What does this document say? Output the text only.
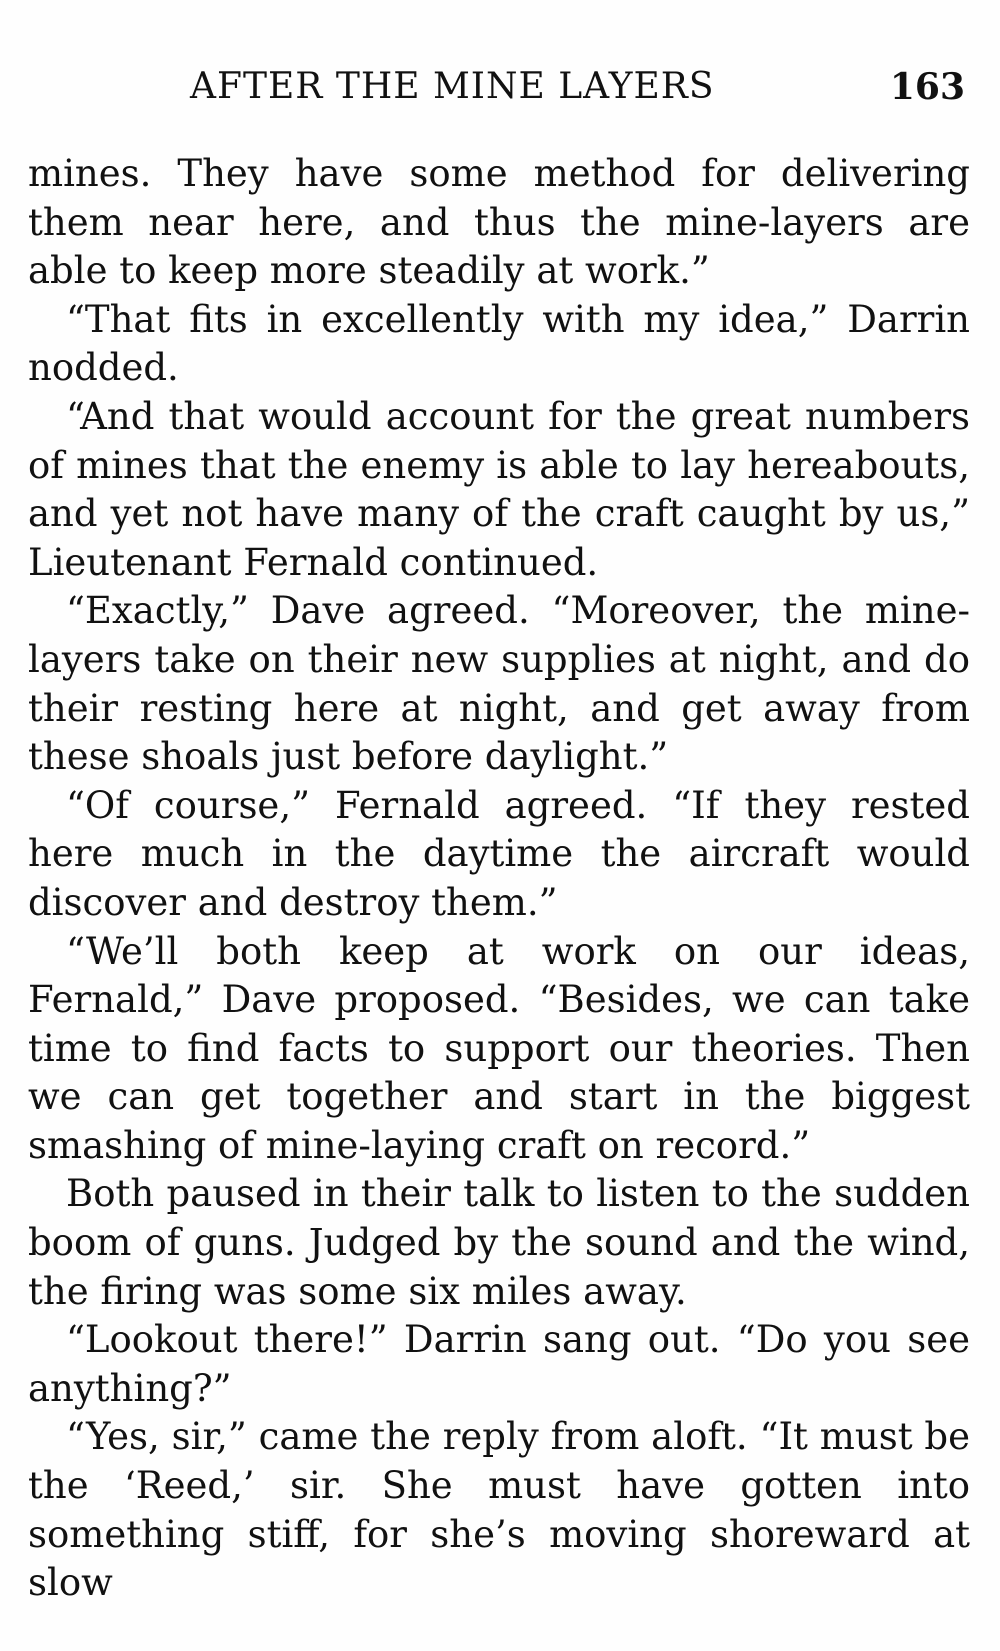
AFTER THE MINE LAYERS	163

mines. They have some method for delivering them near here, and thus the mine-layers are able to keep more steadily at work.”

“That fits in excellently with my idea,” Darrin nodded.

“And that would account for the great numbers of mines that the enemy is able to lay hereabouts, and yet not have many of the craft caught by us,” Lieutenant Fernald continued.

“Exactly,” Dave agreed. “Moreover, the mine-layers take on their new supplies at night, and do their resting here at night, and get away from these shoals just before daylight.”

“Of course,” Fernald agreed. “If they rested here much in the daytime the aircraft would discover and destroy them.”

“We’ll both keep at work on our ideas, Fernald,” Dave proposed. “Besides, we can take time to find facts to support our theories. Then we can get together and start in the biggest smashing of mine-laying craft on record.”

Both paused in their talk to listen to the sudden boom of guns. Judged by the sound and the wind, the firing was some six miles away.

“Lookout there!” Darrin sang out. “Do you see anything?”

“Yes, sir,” came the reply from aloft. “It must be the ‘Reed,’ sir. She must have gotten into something stiff, for she’s moving shoreward at slow
